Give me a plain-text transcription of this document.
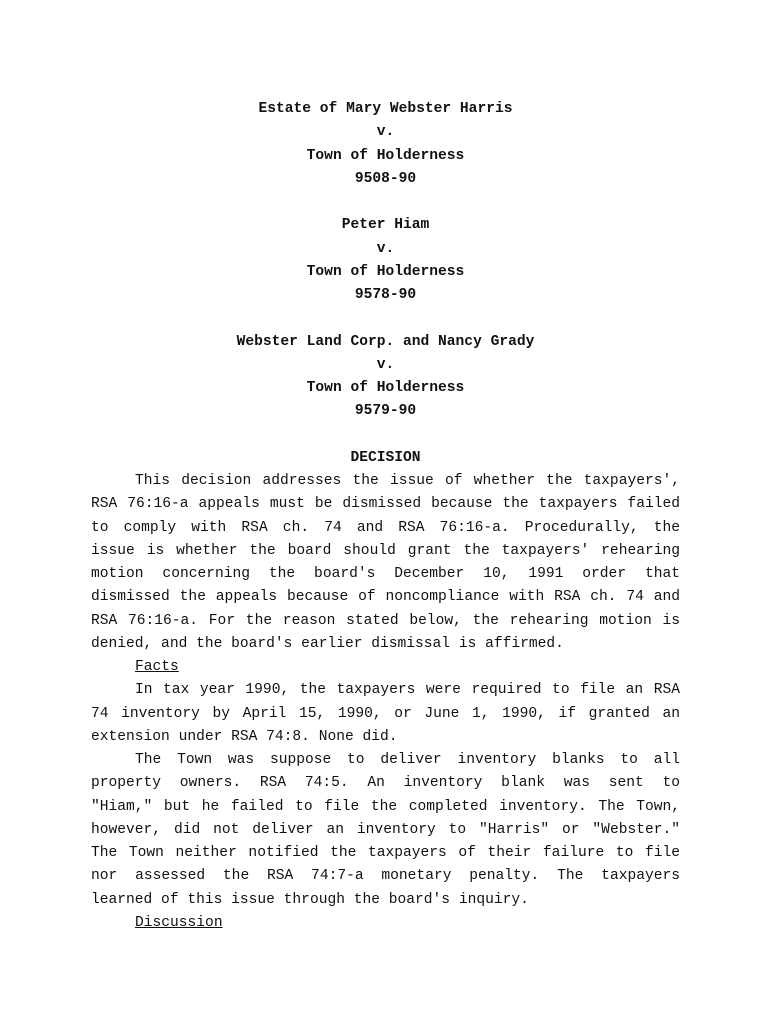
Estate of Mary Webster Harris
v.
Town of Holderness
9508-90
Peter Hiam
v.
Town of Holderness
9578-90
Webster Land Corp. and Nancy Grady
v.
Town of Holderness
9579-90
DECISION
This decision addresses the issue of whether the taxpayers',
RSA 76:16-a appeals must be dismissed because the taxpayers failed
to comply with RSA ch. 74 and RSA 76:16-a. Procedurally, the
issue is whether the board should grant the taxpayers' rehearing
motion concerning the board's December 10, 1991 order that
dismissed the appeals because of noncompliance with RSA ch. 74 and
RSA 76:16-a. For the reason stated below, the rehearing motion is
denied, and the board's earlier dismissal is affirmed.
Facts
In tax year 1990, the taxpayers were required to file an RSA
74 inventory by April 15, 1990, or June 1, 1990, if granted an
extension under RSA 74:8. None did.
The Town was suppose to deliver inventory blanks to all
property owners. RSA 74:5. An inventory blank was sent to
"Hiam," but he failed to file the completed inventory. The Town,
however, did not deliver an inventory to "Harris" or "Webster."
The Town neither notified the taxpayers of their failure to file
nor assessed the RSA 74:7-a monetary penalty. The taxpayers
learned of this issue through the board's inquiry.
Discussion
